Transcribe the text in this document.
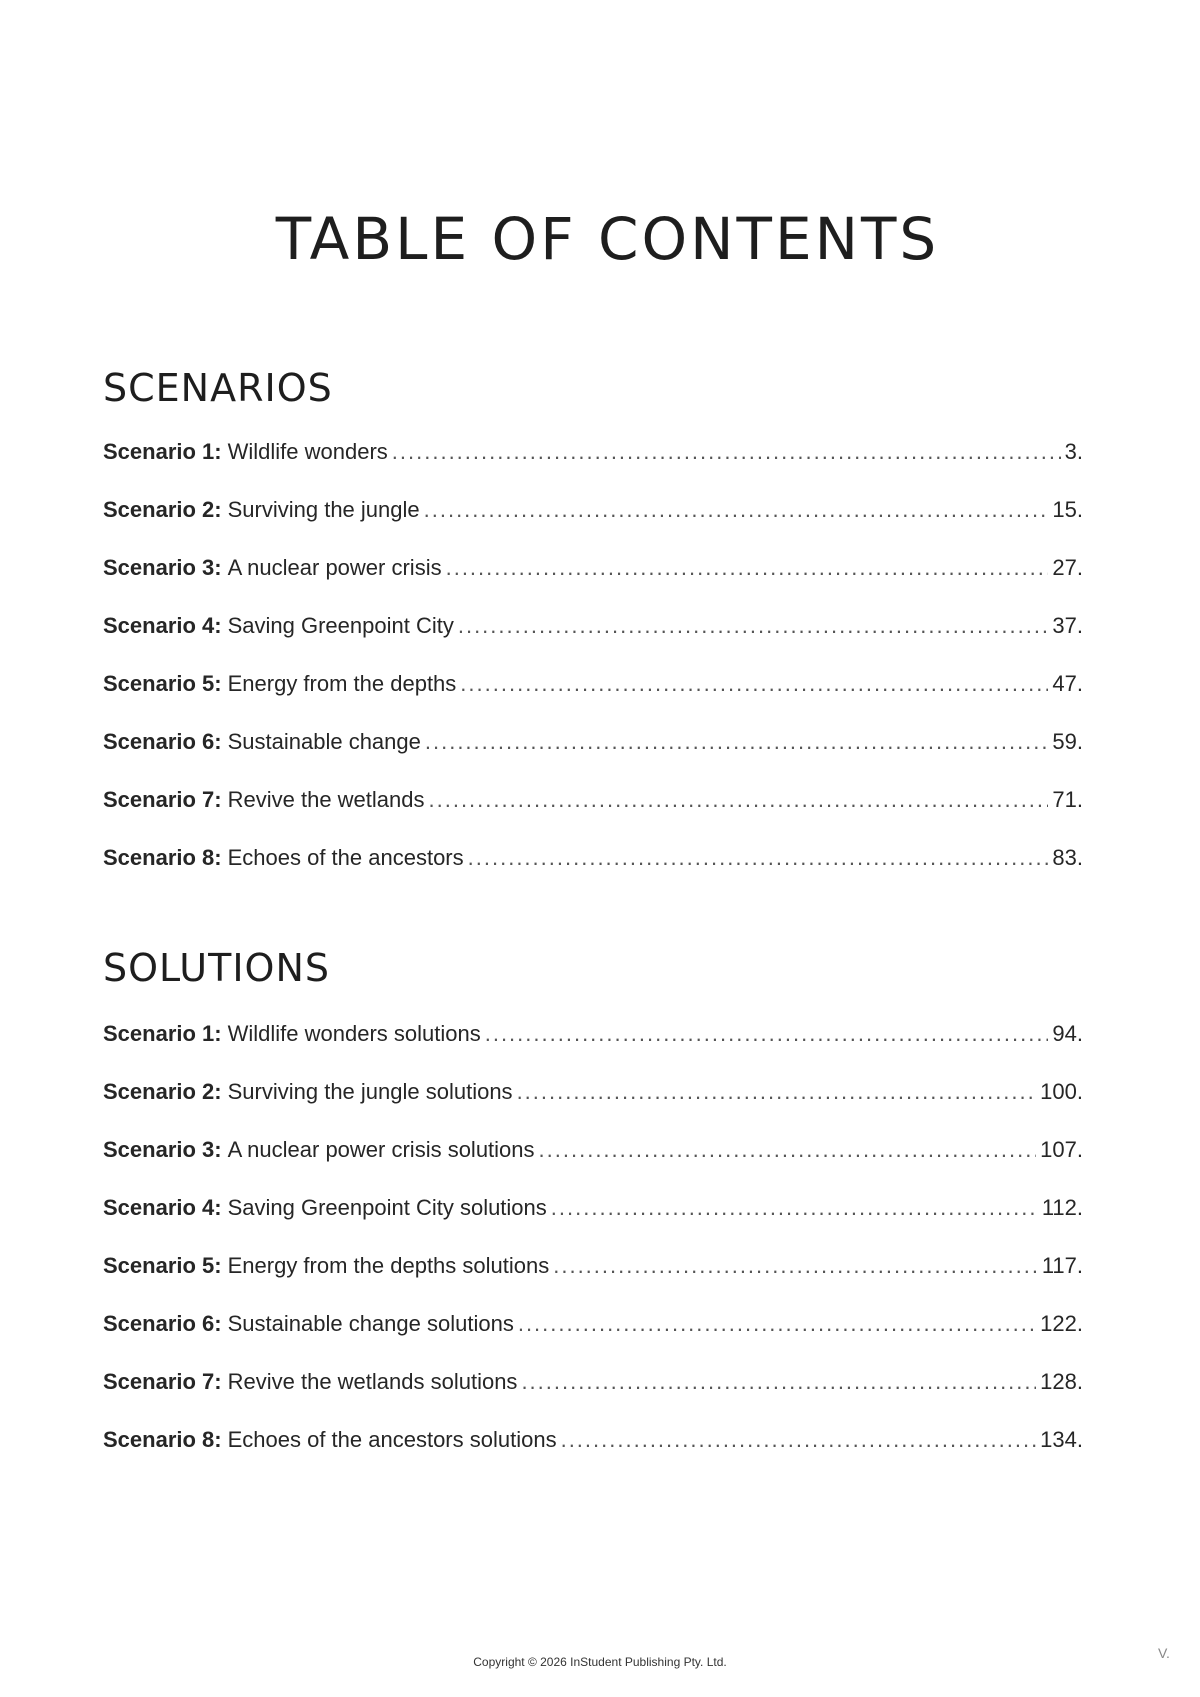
TABLE OF CONTENTS
SCENARIOS
Scenario 1: Wildlife wonders .....	3.
Scenario 2: Surviving the jungle .....	15.
Scenario 3: A nuclear power crisis .....	27.
Scenario 4: Saving Greenpoint City .....	37.
Scenario 5: Energy from the depths .....	47.
Scenario 6: Sustainable change .....	59.
Scenario 7: Revive the wetlands .....	71.
Scenario 8: Echoes of the ancestors .....	83.
SOLUTIONS
Scenario 1: Wildlife wonders solutions .....	94.
Scenario 2: Surviving the jungle solutions .....	100.
Scenario 3: A nuclear power crisis solutions .....	107.
Scenario 4: Saving Greenpoint City solutions .....	112.
Scenario 5: Energy from the depths solutions .....	117.
Scenario 6: Sustainable change solutions .....	122.
Scenario 7: Revive the wetlands solutions .....	128.
Scenario 8: Echoes of the ancestors solutions .....	134.
Copyright © 2026 InStudent Publishing Pty. Ltd.
V.
